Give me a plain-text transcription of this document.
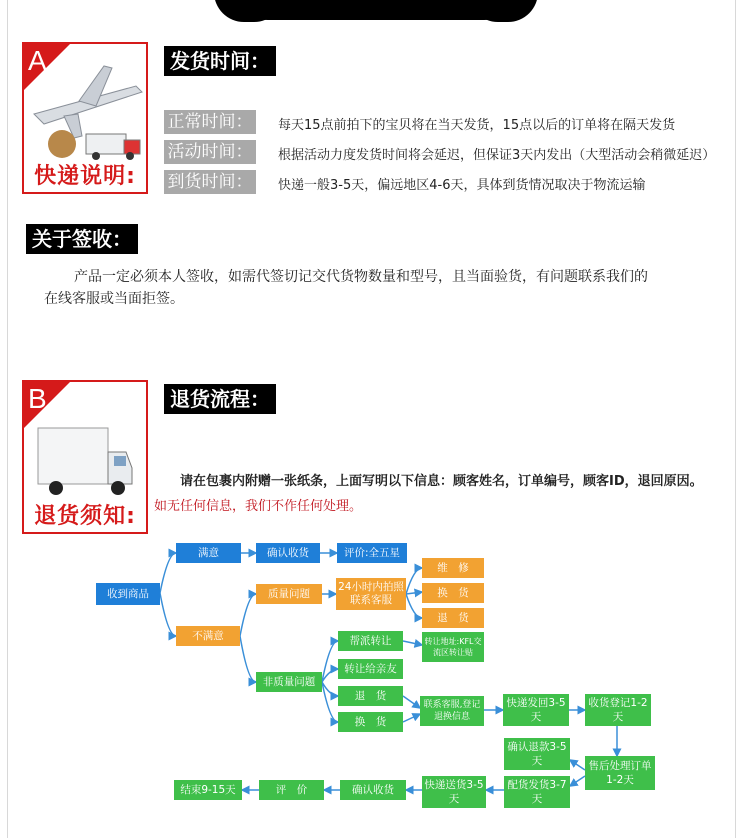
A
快递说明:
发货时间：
正常时间： 每天15点前拍下的宝贝将在当天发货，15点以后的订单将在隔天发货
活动时间： 根据活动力度发货时间将会延迟，但保证3天内发出（大型活动会稍微延迟）
到货时间： 快递一般3-5天，偏远地区4-6天，具体到货情况取决于物流运输
关于签收：
产品一定必须本人签收，如需代签切记交代货物数量和型号，且当面验货，有问题联系我们的
在线客服或当面拒签。
B
退货须知:
退货流程：
请在包裹内附赠一张纸条，上面写明以下信息：顾客姓名，订单编号，顾客ID，退回原因。
如无任何信息，我们不作任何处理。
收到商品
满意	确认收货	评价:全五星
不满意
质量问题
24小时内拍照联系客服
维　修
换　货
退　货
非质量问题
帮派转让	转让地址:KFL交流区转让贴
转让给亲友
退　货
换　货
联系客服,登记退换信息
快递发回3-5天
收货登记1-2天
售后处理订单1-2天
确认退款3-5天
配货发货3-7天
快递送货3-5天
确认收货
评　价
结束9-15天
